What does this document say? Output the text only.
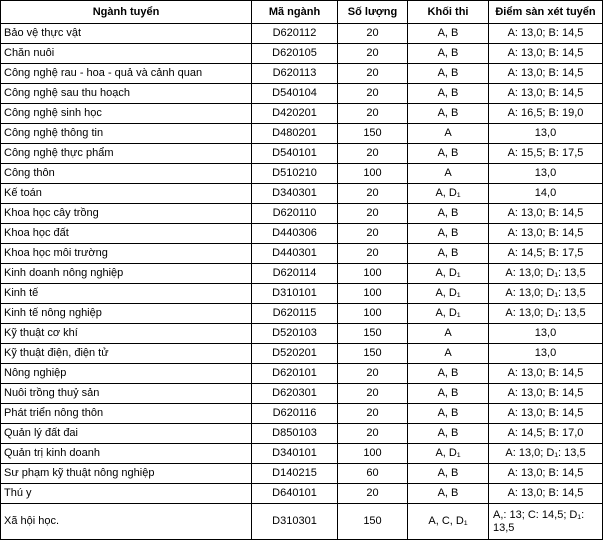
Ngành tuyển	Mã ngành	Số lượng	Khối thi	Điểm sàn xét tuyển
Bảo vệ thực vật	D620112	20	A, B	A: 13,0; B: 14,5
Chăn nuôi	D620105	20	A, B	A: 13,0; B: 14,5
Công nghệ rau - hoa - quả và cảnh quan	D620113	20	A, B	A: 13,0; B: 14,5
Công nghệ sau thu hoạch	D540104	20	A, B	A: 13,0; B: 14,5
Công nghệ sinh học	D420201	20	A, B	A: 16,5; B: 19,0
Công nghệ thông tin	D480201	150	A	13,0
Công nghệ thực phẩm	D540101	20	A, B	A: 15,5; B: 17,5
Công thôn	D510210	100	A	13,0
Kế toán	D340301	20	A, D₁	14,0
Khoa học cây trồng	D620110	20	A, B	A: 13,0; B: 14,5
Khoa học đất	D440306	20	A, B	A: 13,0; B: 14,5
Khoa học môi trường	D440301	20	A, B	A: 14,5; B: 17,5
Kinh doanh nông nghiệp	D620114	100	A, D₁	A: 13,0; D₁: 13,5
Kinh tế	D310101	100	A, D₁	A: 13,0; D₁: 13,5
Kinh tế nông nghiệp	D620115	100	A, D₁	A: 13,0; D₁: 13,5
Kỹ thuật cơ khí	D520103	150	A	13,0
Kỹ thuật điện, điện tử	D520201	150	A	13,0
Nông nghiệp	D620101	20	A, B	A: 13,0; B: 14,5
Nuôi trồng thuỷ sản	D620301	20	A, B	A: 13,0; B: 14,5
Phát triển nông thôn	D620116	20	A, B	A: 13,0; B: 14,5
Quản lý đất đai	D850103	20	A, B	A: 14,5; B: 17,0
Quản trị kinh doanh	D340101	100	A, D₁	A: 13,0; D₁: 13,5
Sư phạm kỹ thuật nông nghiệp	D140215	60	A, B	A: 13,0; B: 14,5
Thú y	D640101	20	A, B	A: 13,0; B: 14,5
Xã hội học.	D310301	150	A, C, D₁	A,: 13; C: 14,5; D₁: 13,5
